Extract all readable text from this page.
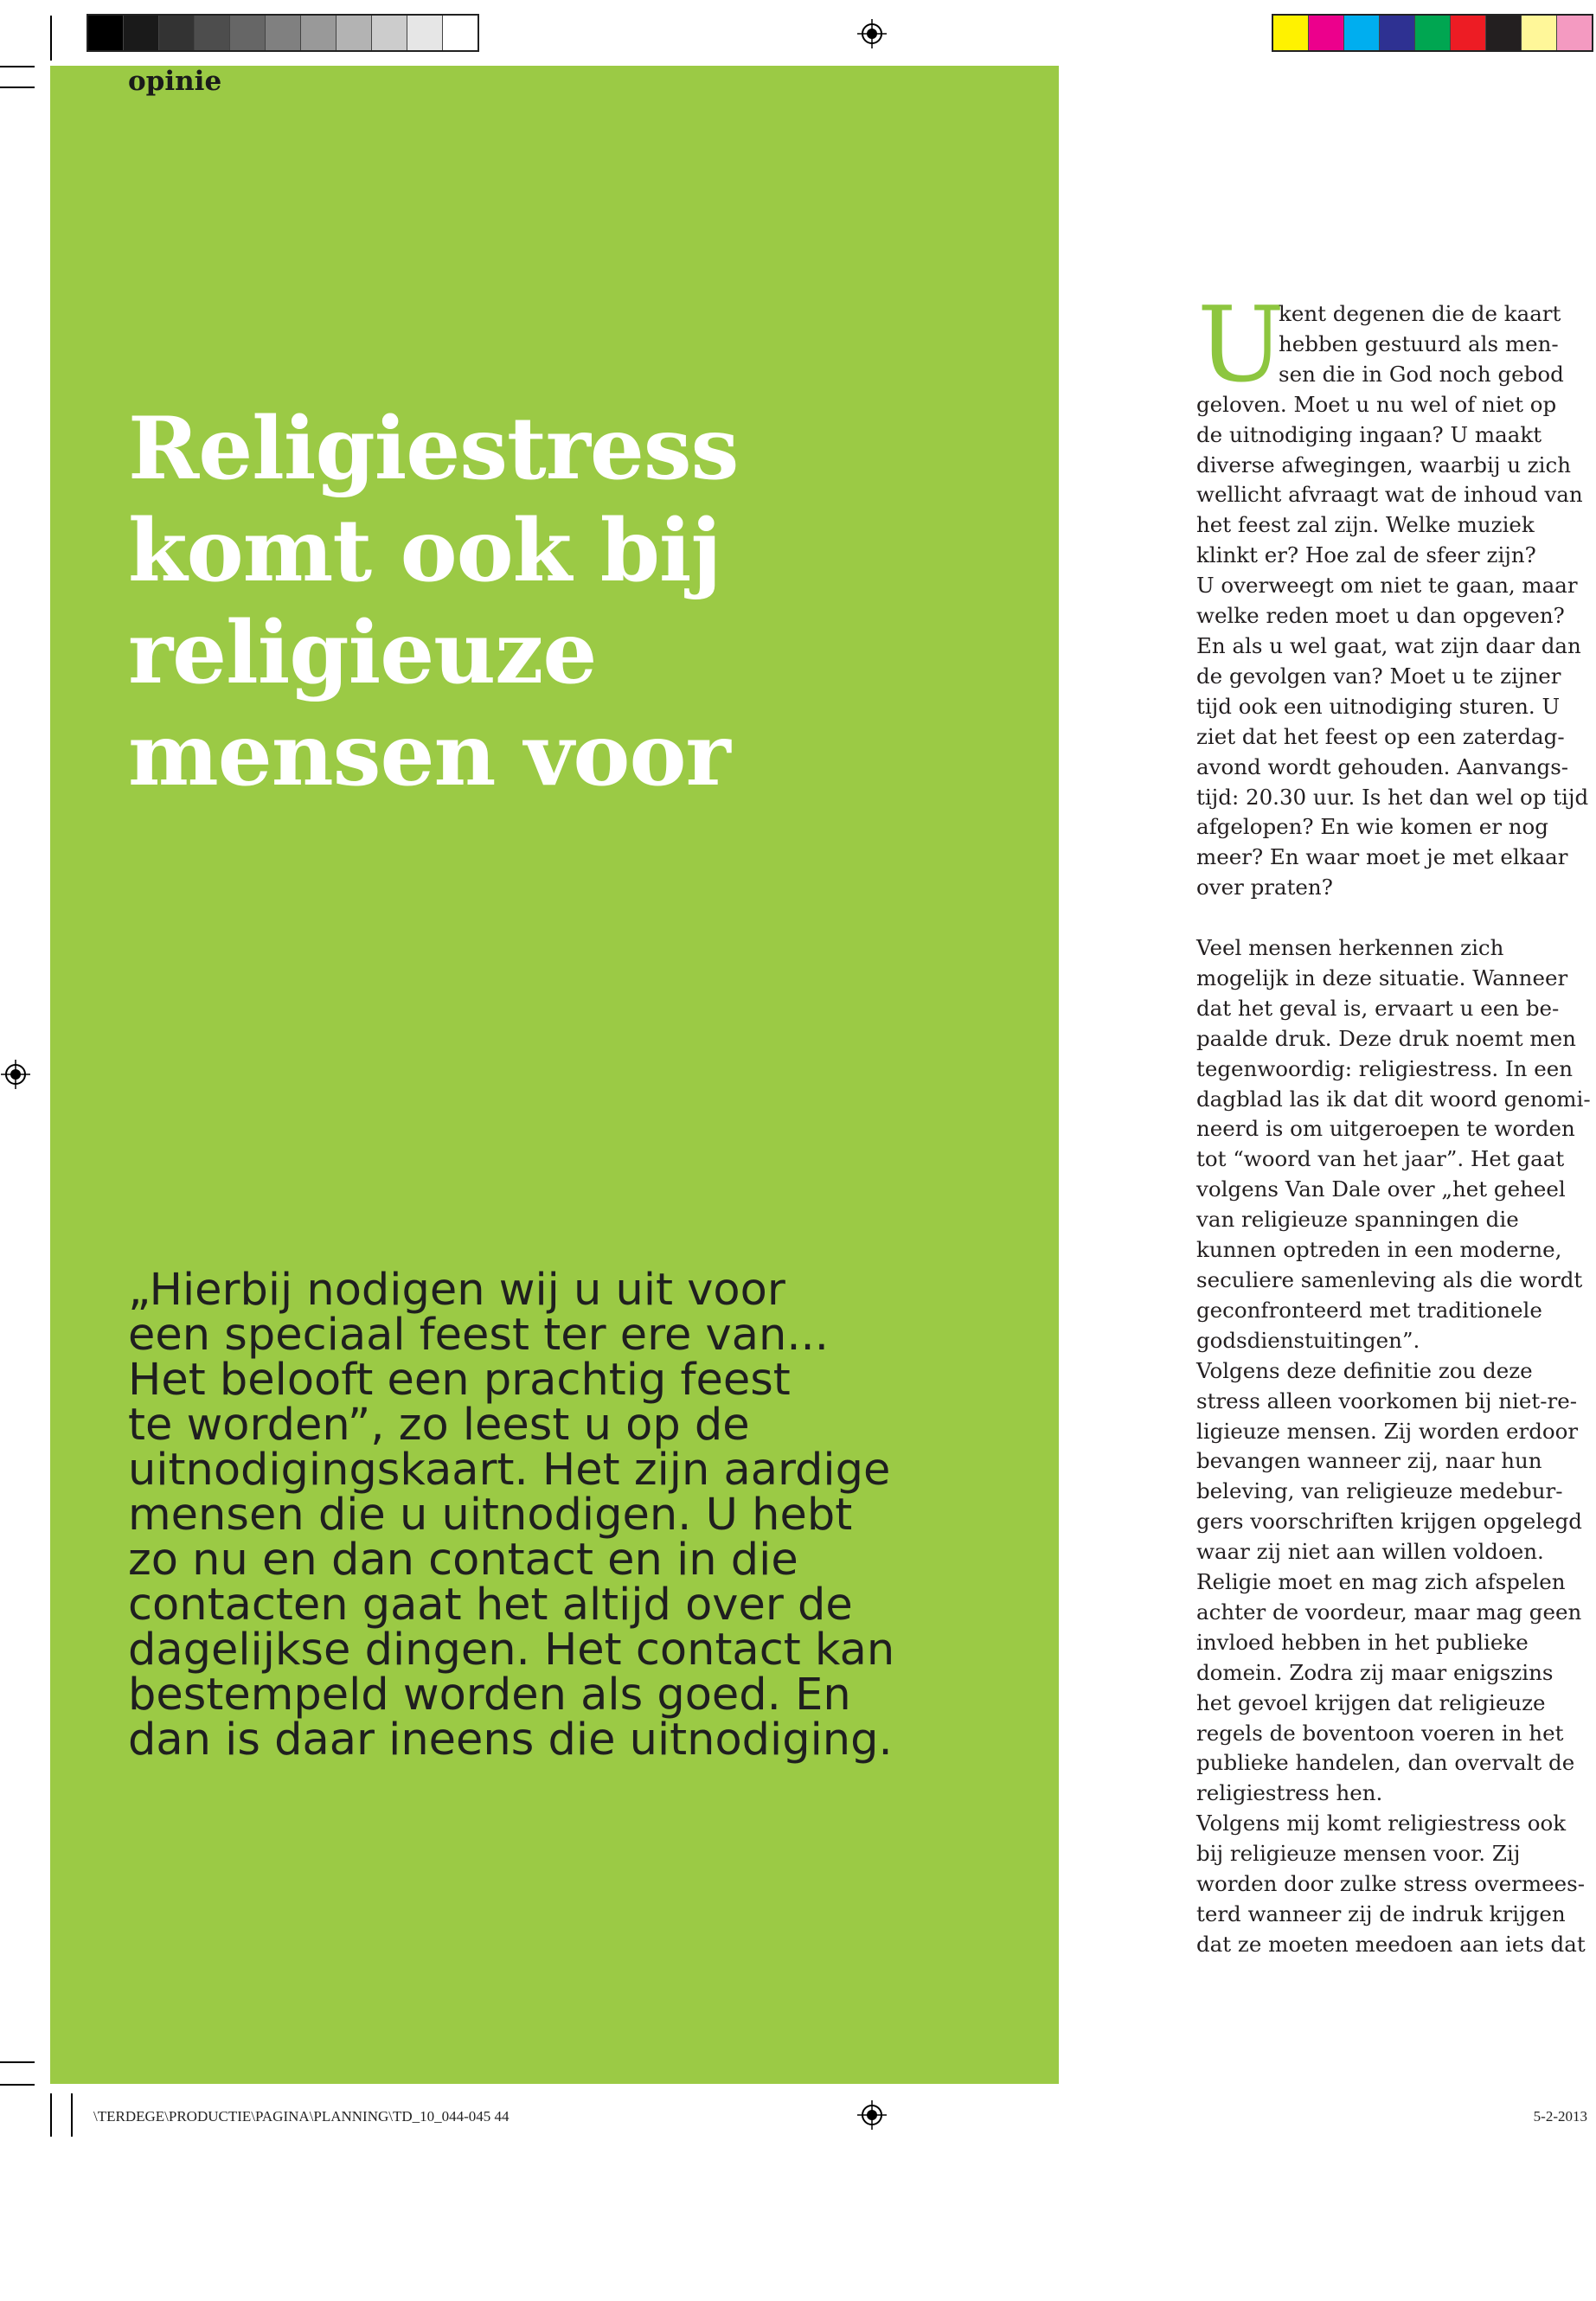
opinie
Religiestress
komt ook bij
religieuze
mensen voor
„Hierbij nodigen wij u uit voor
een speciaal feest ter ere van...
Het belooft een prachtig feest
te worden”, zo leest u op de
uitnodigingskaart. Het zijn aardige
mensen die u uitnodigen. U hebt
zo nu en dan contact en in die
contacten gaat het altijd over de
dagelijkse dingen. Het contact kan
bestempeld worden als goed. En
dan is daar ineens die uitnodiging.
U
kent degenen die de kaart
hebben gestuurd als men-
sen die in God noch gebod
geloven. Moet u nu wel of niet op
de uitnodiging ingaan? U maakt
diverse afwegingen, waarbij u zich
wellicht afvraagt wat de inhoud van
het feest zal zijn. Welke muziek
klinkt er? Hoe zal de sfeer zijn?
U overweegt om niet te gaan, maar
welke reden moet u dan opgeven?
En als u wel gaat, wat zijn daar dan
de gevolgen van? Moet u te zijner
tijd ook een uitnodiging sturen. U
ziet dat het feest op een zaterdag-
avond wordt gehouden. Aanvangs-
tijd: 20.30 uur. Is het dan wel op tijd
afgelopen? En wie komen er nog
meer? En waar moet je met elkaar
over praten?
Veel mensen herkennen zich
mogelijk in deze situatie. Wanneer
dat het geval is, ervaart u een be-
paalde druk. Deze druk noemt men
tegenwoordig: religiestress. In een
dagblad las ik dat dit woord genomi-
neerd is om uitgeroepen te worden
tot “woord van het jaar”. Het gaat
volgens Van Dale over „het geheel
van religieuze spanningen die
kunnen optreden in een moderne,
seculiere samenleving als die wordt
geconfronteerd met traditionele
godsdienstuitingen”.
Volgens deze definitie zou deze
stress alleen voorkomen bij niet-re-
ligieuze mensen. Zij worden erdoor
bevangen wanneer zij, naar hun
beleving, van religieuze medebur-
gers voorschriften krijgen opgelegd
waar zij niet aan willen voldoen.
Religie moet en mag zich afspelen
achter de voordeur, maar mag geen
invloed hebben in het publieke
domein. Zodra zij maar enigszins
het gevoel krijgen dat religieuze
regels de boventoon voeren in het
publieke handelen, dan overvalt de
religiestress hen.
Volgens mij komt religiestress ook
bij religieuze mensen voor. Zij
worden door zulke stress overmees-
terd wanneer zij de indruk krijgen
dat ze moeten meedoen aan iets dat
\TERDEGE\PRODUCTIE\PAGINA\PLANNING\TD_10_044-045 44	5-2-2013
